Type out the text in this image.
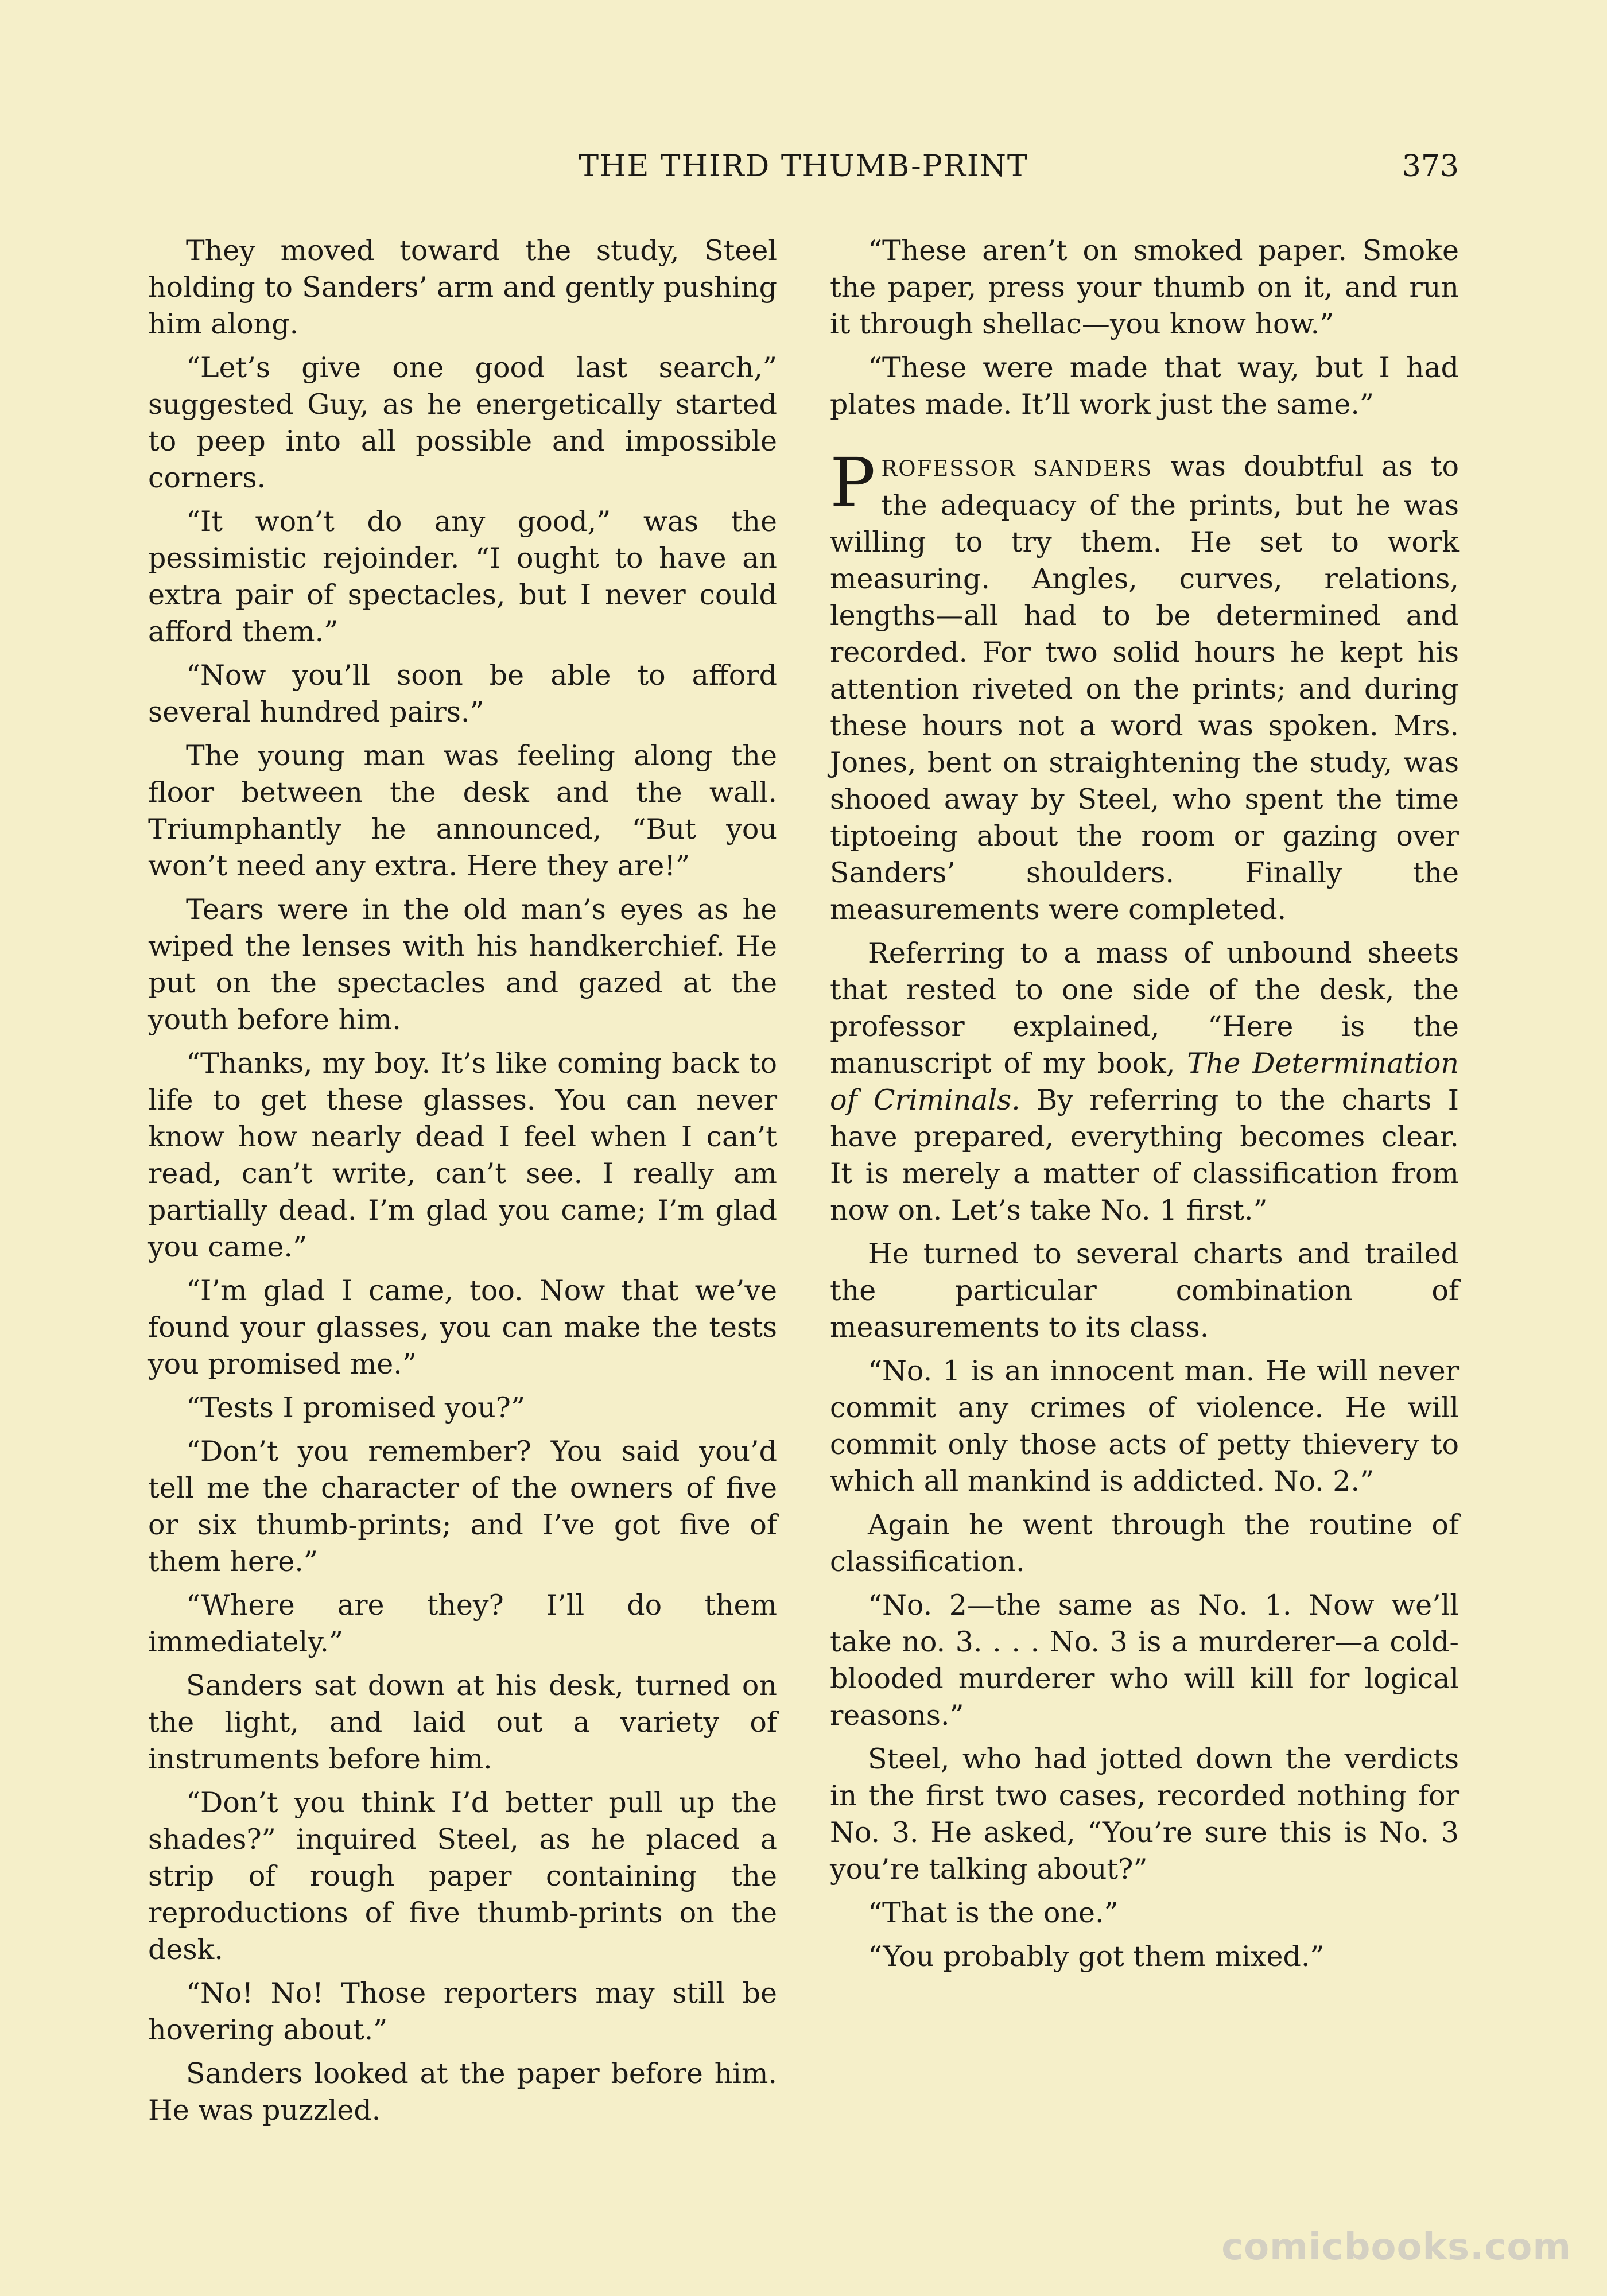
THE THIRD THUMB-PRINT	373

They moved toward the study, Steel holding to Sanders’ arm and gently pushing him along.

“Let’s give one good last search,” suggested Guy, as he energetically started to peep into all possible and impossible corners.

“It won’t do any good,” was the pessimistic rejoinder. “I ought to have an extra pair of spectacles, but I never could afford them.”

“Now you’ll soon be able to afford several hundred pairs.”

The young man was feeling along the floor between the desk and the wall. Triumphantly he announced, “But you won’t need any extra. Here they are!”

Tears were in the old man’s eyes as he wiped the lenses with his handkerchief. He put on the spectacles and gazed at the youth before him.

“Thanks, my boy. It’s like coming back to life to get these glasses. You can never know how nearly dead I feel when I can’t read, can’t write, can’t see. I really am partially dead. I’m glad you came; I’m glad you came.”

“I’m glad I came, too. Now that we’ve found your glasses, you can make the tests you promised me.”

“Tests I promised you?”

“Don’t you remember? You said you’d tell me the character of the owners of five or six thumb-prints; and I’ve got five of them here.”

“Where are they? I’ll do them immediately.”

Sanders sat down at his desk, turned on the light, and laid out a variety of instruments before him.

“Don’t you think I’d better pull up the shades?” inquired Steel, as he placed a strip of rough paper containing the reproductions of five thumb-prints on the desk.

“No! No! Those reporters may still be hovering about.”

Sanders looked at the paper before him. He was puzzled.

“These aren’t on smoked paper. Smoke the paper, press your thumb on it, and run it through shellac—you know how.”

“These were made that way, but I had plates made. It’ll work just the same.”

PROFESSOR SANDERS was doubtful as to the adequacy of the prints, but he was willing to try them. He set to work measuring. Angles, curves, relations, lengths—all had to be determined and recorded. For two solid hours he kept his attention riveted on the prints; and during these hours not a word was spoken. Mrs. Jones, bent on straightening the study, was shooed away by Steel, who spent the time tiptoeing about the room or gazing over Sanders’ shoulders. Finally the measurements were completed.

Referring to a mass of unbound sheets that rested to one side of the desk, the professor explained, “Here is the manuscript of my book, The Determination of Criminals. By referring to the charts I have prepared, everything becomes clear. It is merely a matter of classification from now on. Let’s take No. 1 first.”

He turned to several charts and trailed the particular combination of measurements to its class.

“No. 1 is an innocent man. He will never commit any crimes of violence. He will commit only those acts of petty thievery to which all mankind is addicted. No. 2.”

Again he went through the routine of classification.

“No. 2—the same as No. 1. Now we’ll take no. 3. . . . No. 3 is a murderer—a cold-blooded murderer who will kill for logical reasons.”

Steel, who had jotted down the verdicts in the first two cases, recorded nothing for No. 3. He asked, “You’re sure this is No. 3 you’re talking about?”

“That is the one.”

“You probably got them mixed.”

comicbooks.com
